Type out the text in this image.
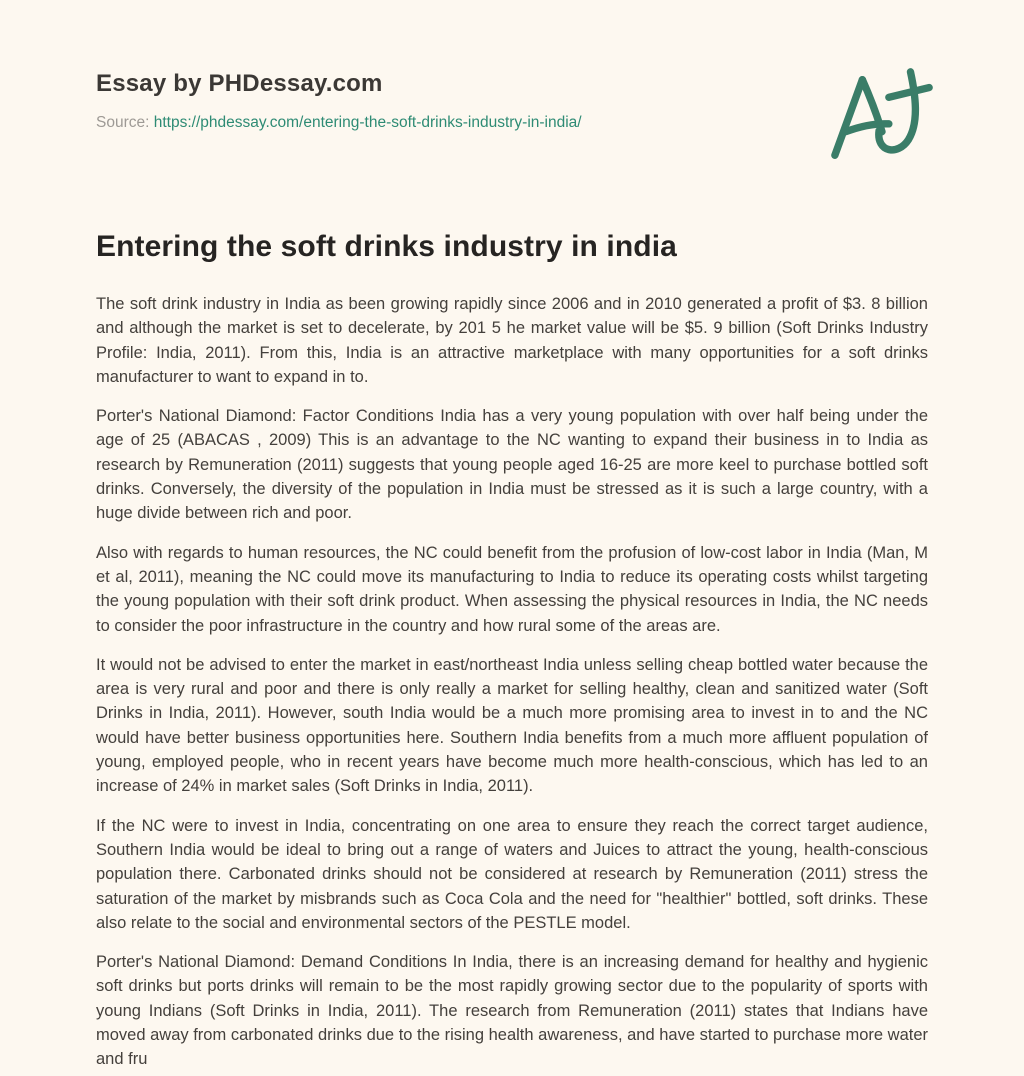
Essay by PHDessay.com
Source: https://phdessay.com/entering-the-soft-drinks-industry-in-india/
Entering the soft drinks industry in india

The soft drink industry in India as been growing rapidly since 2006 and in 2010 generated a profit of $3. 8 billion and although the market is set to decelerate, by 201 5 he market value will be $5. 9 billion (Soft Drinks Industry Profile: India, 2011). From this, India is an attractive marketplace with many opportunities for a soft drinks manufacturer to want to expand in to.

Porter's National Diamond: Factor Conditions India has a very young population with over half being under the age of 25 (ABACAS , 2009) This is an advantage to the NC wanting to expand their business in to India as research by Remuneration (2011) suggests that young people aged 16-25 are more keel to purchase bottled soft drinks. Conversely, the diversity of the population in India must be stressed as it is such a large country, with a huge divide between rich and poor.

Also with regards to human resources, the NC could benefit from the profusion of low-cost labor in India (Man, M et al, 2011), meaning the NC could move its manufacturing to India to reduce its operating costs whilst targeting the young population with their soft drink product. When assessing the physical resources in India, the NC needs to consider the poor infrastructure in the country and how rural some of the areas are.

It would not be advised to enter the market in east/northeast India unless selling cheap bottled water because the area is very rural and poor and there is only really a market for selling healthy, clean and sanitized water (Soft Drinks in India, 2011). However, south India would be a much more promising area to invest in to and the NC would have better business opportunities here. Southern India benefits from a much more affluent population of young, employed people, who in recent years have become much more health-conscious, which has led to an increase of 24% in market sales (Soft Drinks in India, 2011).

If the NC were to invest in India, concentrating on one area to ensure they reach the correct target audience, Southern India would be ideal to bring out a range of waters and Juices to attract the young, health-conscious population there. Carbonated drinks should not be considered at research by Remuneration (2011) stress the saturation of the market by misbrands such as Coca Cola and the need for "healthier" bottled, soft drinks. These also relate to the social and environmental sectors of the PESTLE model.

Porter's National Diamond: Demand Conditions In India, there is an increasing demand for healthy and hygienic soft drinks but ports drinks will remain to be the most rapidly growing sector due to the popularity of sports with young Indians (Soft Drinks in India, 2011). The research from Remuneration (2011) states that Indians have moved away from carbonated drinks due to the rising health awareness, and have started to purchase more water and fru
